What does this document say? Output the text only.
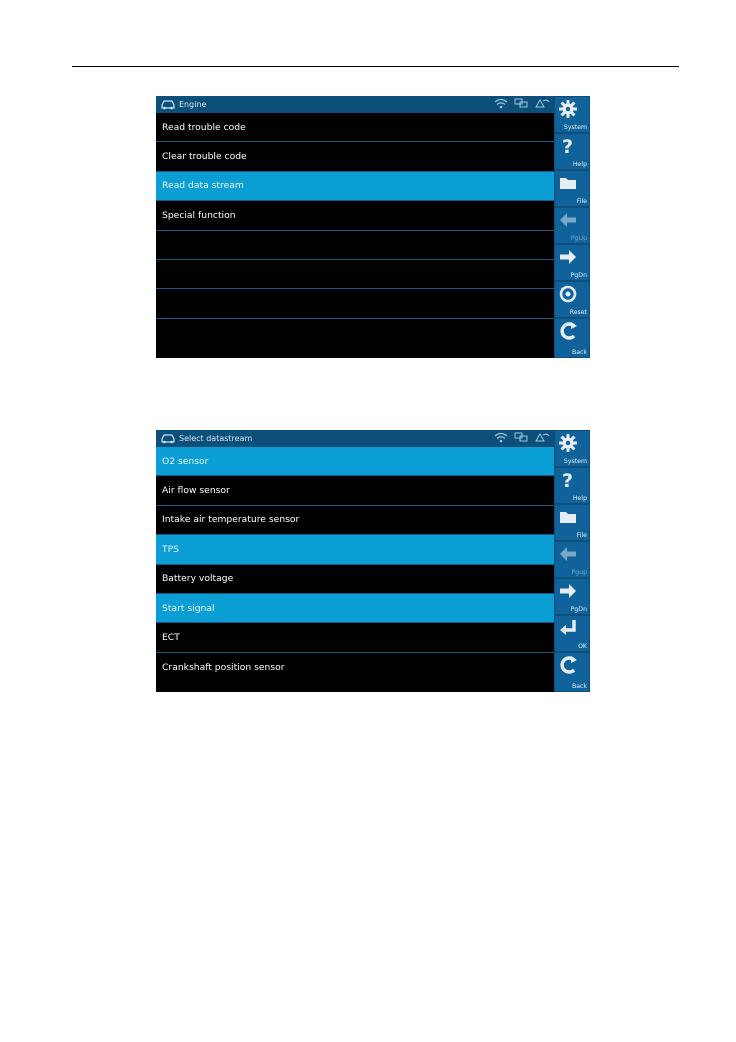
Engine
Read trouble code
Clear trouble code
Read data stream
Special function
System
?
Help
File
PgUp
PgDn
Reset
Back
Select datastream
O2 sensor
Air flow sensor
Intake air temperature sensor
TPS
Battery voltage
Start signal
ECT
Crankshaft position sensor
System
?
Help
File
Pgup
PgDn
OK
Back
